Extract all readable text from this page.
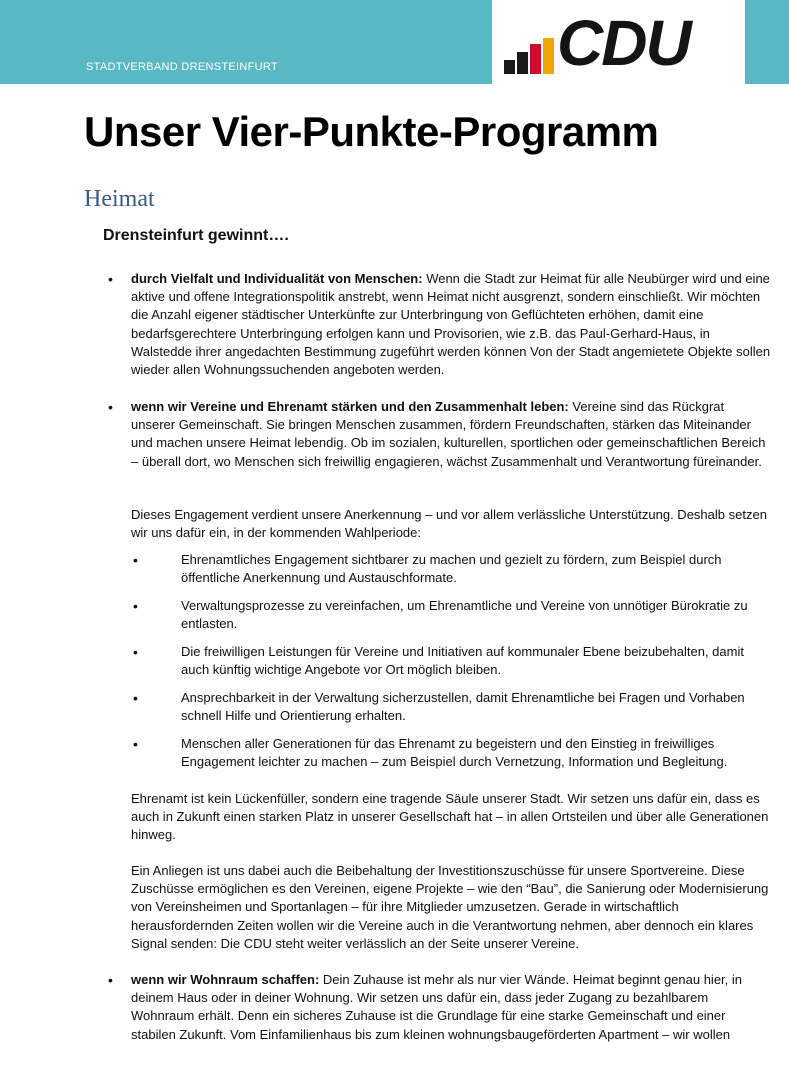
STADTVERBAND DRENSTEINFURT	CDU
Unser Vier-Punkte-Programm
Heimat
Drensteinfurt gewinnt….
• durch Vielfalt und Individualität von Menschen: Wenn die Stadt zur Heimat für alle Neubürger wird und eine aktive und offene Integrationspolitik anstrebt, wenn Heimat nicht ausgrenzt, sondern einschließt. Wir möchten die Anzahl eigener städtischer Unterkünfte zur Unterbringung von Geflüchteten erhöhen, damit eine bedarfsgerechtere Unterbringung erfolgen kann und Provisorien, wie z.B. das Paul-Gerhard-Haus, in Walstedde ihrer angedachten Bestimmung zugeführt werden können Von der Stadt angemietete Objekte sollen wieder allen Wohnungssuchenden angeboten werden.

• wenn wir Vereine und Ehrenamt stärken und den Zusammenhalt leben: Vereine sind das Rückgrat unserer Gemeinschaft. Sie bringen Menschen zusammen, fördern Freundschaften, stärken das Miteinander und machen unsere Heimat lebendig. Ob im sozialen, kulturellen, sportlichen oder gemeinschaftlichen Bereich – überall dort, wo Menschen sich freiwillig engagieren, wächst Zusammenhalt und Verantwortung füreinander.

Dieses Engagement verdient unsere Anerkennung – und vor allem verlässliche Unterstützung. Deshalb setzen wir uns dafür ein, in der kommenden Wahlperiode:

•	Ehrenamtliches Engagement sichtbarer zu machen und gezielt zu fördern, zum Beispiel durch öffentliche Anerkennung und Austauschformate.

•	Verwaltungsprozesse zu vereinfachen, um Ehrenamtliche und Vereine von unnötiger Bürokratie zu entlasten.

•	Die freiwilligen Leistungen für Vereine und Initiativen auf kommunaler Ebene beizubehalten, damit auch künftig wichtige Angebote vor Ort möglich bleiben.

•	Ansprechbarkeit in der Verwaltung sicherzustellen, damit Ehrenamtliche bei Fragen und Vorhaben schnell Hilfe und Orientierung erhalten.

•	Menschen aller Generationen für das Ehrenamt zu begeistern und den Einstieg in freiwilliges Engagement leichter zu machen – zum Beispiel durch Vernetzung, Information und Begleitung.

Ehrenamt ist kein Lückenfüller, sondern eine tragende Säule unserer Stadt. Wir setzen uns dafür ein, dass es auch in Zukunft einen starken Platz in unserer Gesellschaft hat – in allen Ortsteilen und über alle Generationen hinweg.

Ein Anliegen ist uns dabei auch die Beibehaltung der Investitionszuschüsse für unsere Sportvereine. Diese Zuschüsse ermöglichen es den Vereinen, eigene Projekte – wie den “Bau”, die Sanierung oder Modernisierung von Vereinsheimen und Sportanlagen – für ihre Mitglieder umzusetzen. Gerade in wirtschaftlich herausfordernden Zeiten wollen wir die Vereine auch in die Verantwortung nehmen, aber dennoch ein klares Signal senden: Die CDU steht weiter verlässlich an der Seite unserer Vereine.

• wenn wir Wohnraum schaffen: Dein Zuhause ist mehr als nur vier Wände. Heimat beginnt genau hier, in deinem Haus oder in deiner Wohnung. Wir setzen uns dafür ein, dass jeder Zugang zu bezahlbarem Wohnraum erhält. Denn ein sicheres Zuhause ist die Grundlage für eine starke Gemeinschaft und einer stabilen Zukunft. Vom Einfamilienhaus bis zum kleinen wohnungsbaugeförderten Apartment – wir wollen
